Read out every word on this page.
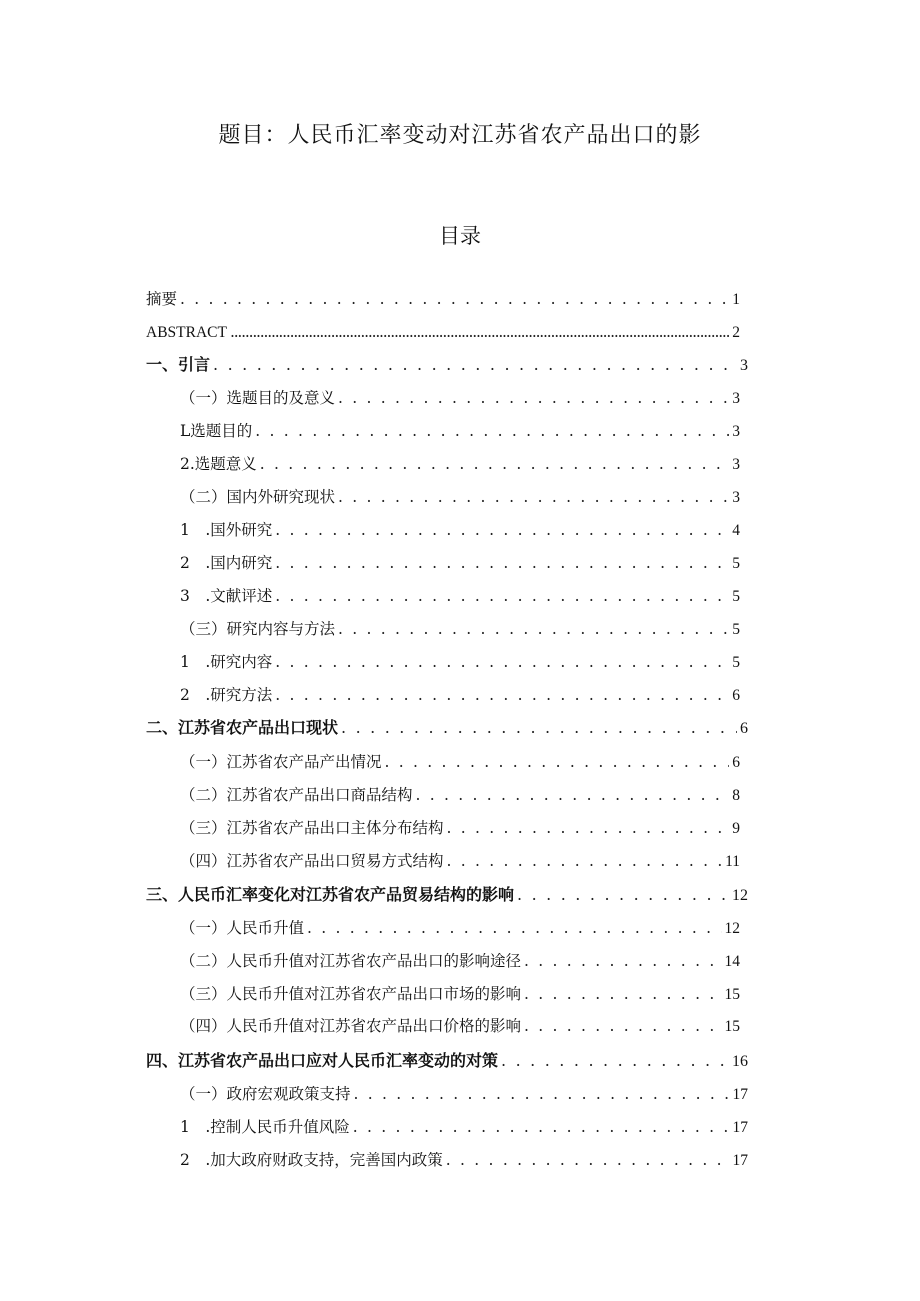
题目：人民币汇率变动对江苏省农产品出口的影
目录
摘要 . . .	1
ABSTRACT .....	2
一、引言 . . .	3
（一）选题目的及意义 . . .	3
L选题目的 . . .	3
2.选题意义 . . .	3
（二）国内外研究现状 . . .	3
1　.国外研究 . . .	4
2　.国内研究 . . .	5
3　.文献评述 . . .	5
（三）研究内容与方法 . . .	5
1　.研究内容 . . .	5
2　.研究方法 . . .	6
二、江苏省农产品出口现状 . . .	6
（一）江苏省农产品产出情况 . . .	6
（二）江苏省农产品出口商品结构 . . .	8
（三）江苏省农产品出口主体分布结构 . . .	9
（四）江苏省农产品出口贸易方式结构 . . .	11
三、人民币汇率变化对江苏省农产品贸易结构的影响 . . .	12
（一）人民币升值 . . .	12
（二）人民币升值对江苏省农产品出口的影响途径 . . .	14
（三）人民币升值对江苏省农产品出口市场的影响 . . .	15
（四）人民币升值对江苏省农产品出口价格的影响 . . .	15
四、江苏省农产品出口应对人民币汇率变动的对策 . . .	16
（一）政府宏观政策支持 . . .	17
1　.控制人民币升值风险 . . .	17
2　.加大政府财政支持，完善国内政策 . . .	17
